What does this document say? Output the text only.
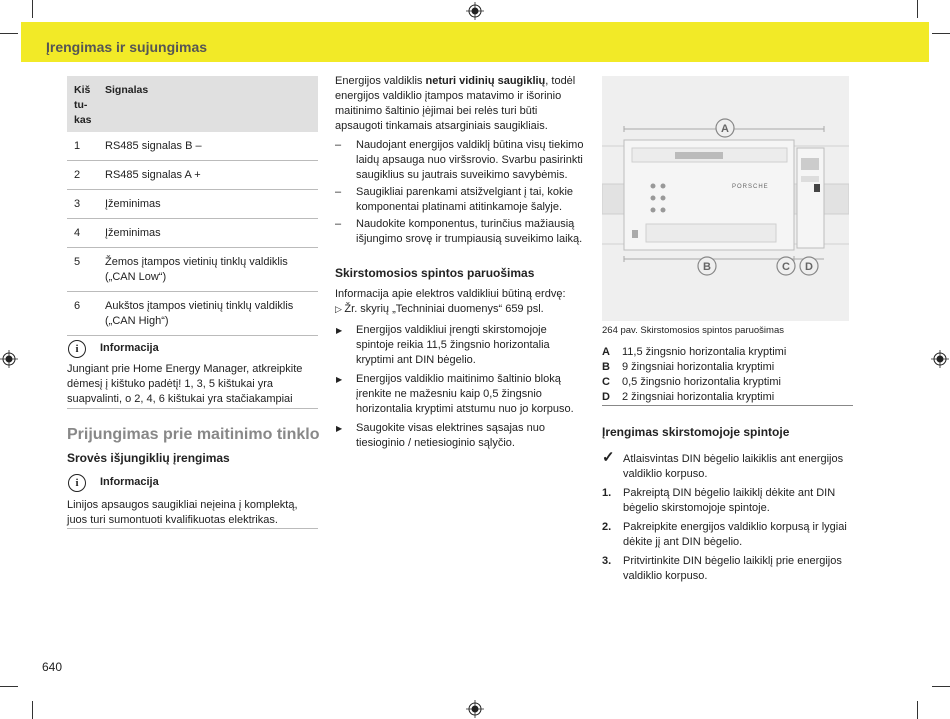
Įrengimas ir sujungimas
Kiš
tu-
kas
Signalas
1 RS485 signalas B –
2 RS485 signalas A +
3 Įžeminimas
4 Įžeminimas
5 Žemos įtampos vietinių tinklų valdiklis („CAN Low“)
6 Aukštos įtampos vietinių tinklų valdiklis („CAN High“)
i	Informacija
Jungiant prie Home Energy Manager, atkreipkite dėmesį į kištuko padėtį! 1, 3, 5 kištukai yra suapvalinti, o 2, 4, 6 kištukai yra stačiakampiai
Prijungimas prie maitinimo tinklo
Srovės išjungiklių įrengimas
i	Informacija
Linijos apsaugos saugikliai neįeina į komplektą, juos turi sumontuoti kvalifikuotas elektrikas.
Energijos valdiklis neturi vidinių saugiklių, todėl energijos valdiklio įtampos matavimo ir išorinio maitinimo šaltinio įėjimai bei relės turi būti apsaugoti tinkamais atsarginiais saugikliais.
– Naudojant energijos valdiklį būtina visų tiekimo laidų apsauga nuo viršsrovio. Svarbu pasirinkti saugiklius su jautrais suveikimo savybėmis.
– Saugikliai parenkami atsižvelgiant į tai, kokie komponentai platinami atitinkamoje šalyje.
– Naudokite komponentus, turinčius mažiausią išjungimo srovę ir trumpiausią suveikimo laiką.
Skirstomosios spintos paruošimas
Informacija apie elektros valdikliui būtiną erdvę:
▷ Žr. skyrių „Techniniai duomenys“ 659 psl.
▶ Energijos valdikliui įrengti skirstomojoje spintoje reikia 11,5 žingsnio horizontalia kryptimi ant DIN bėgelio.
▶ Energijos valdiklio maitinimo šaltinio bloką įrenkite ne mažesniu kaip 0,5 žingsnio horizontalia kryptimi atstumu nuo jo korpuso.
▶ Saugokite visas elektrines sąsajas nuo tiesioginio / netiesioginio sąlyčio.
PORSCHE
A
B	C D
264 pav. Skirstomosios spintos paruošimas
A 11,5 žingsnio horizontalia kryptimi
B 9 žingsniai horizontalia kryptimi
C 0,5 žingsnio horizontalia kryptimi
D 2 žingsniai horizontalia kryptimi
Įrengimas skirstomojoje spintoje
✓ Atlaisvintas DIN bėgelio laikiklis ant energijos valdiklio korpuso.
1. Pakreiptą DIN bėgelio laikiklį dėkite ant DIN bėgelio skirstomojoje spintoje.
2. Pakreipkite energijos valdiklio korpusą ir lygiai dėkite jį ant DIN bėgelio.
3. Pritvirtinkite DIN bėgelio laikiklį prie energijos valdiklio korpuso.
640
